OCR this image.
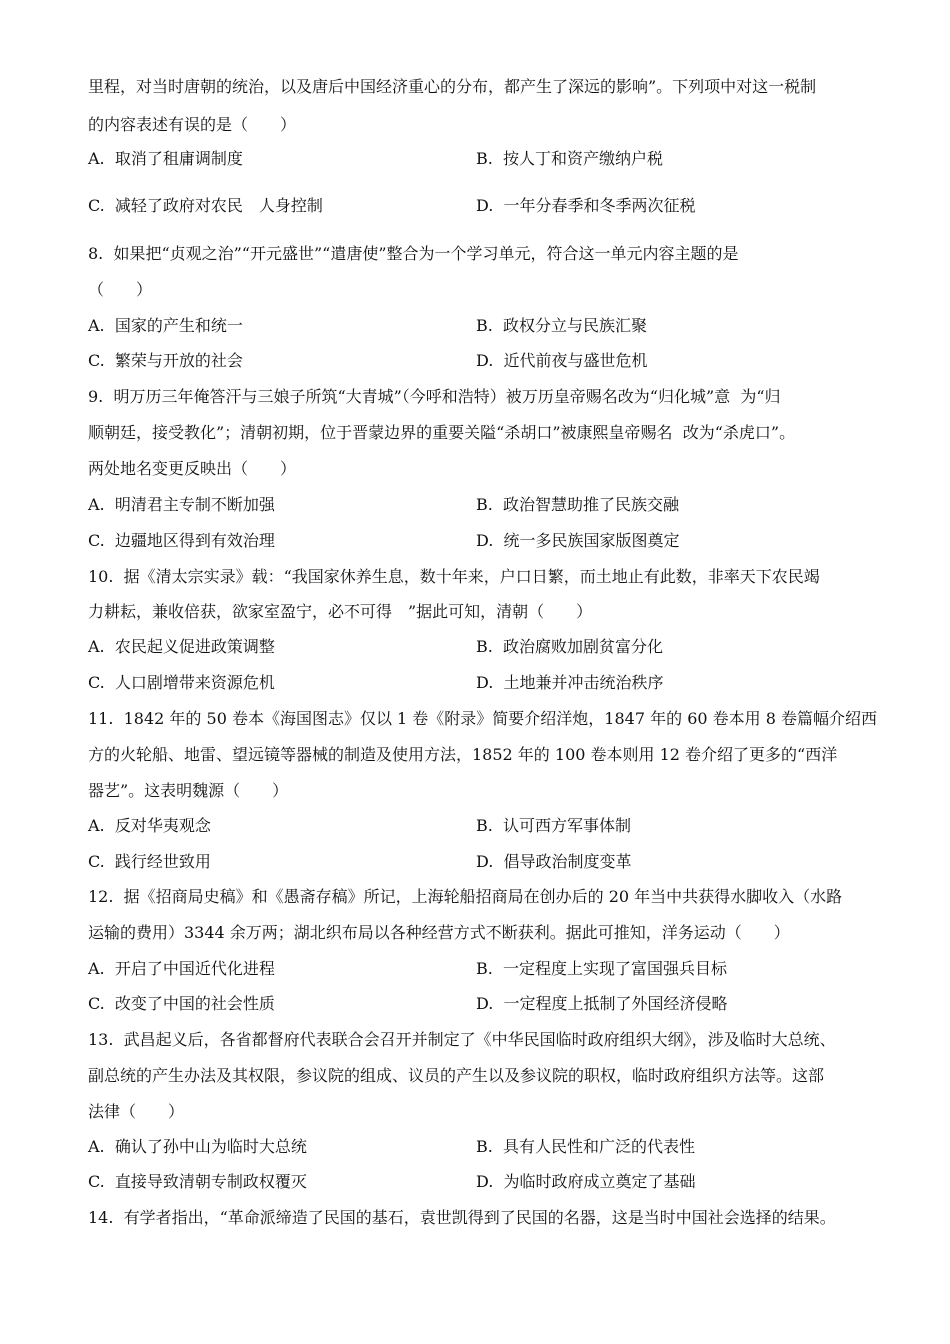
里程，对当时唐朝的统治，以及唐后中国经济重心的分布，都产生了深远的影响”。下列项中对这一税制
的内容表述有误的是（　　）
A.  取消了租庸调制度	B.  按人丁和资产缴纳户税
C.  减轻了政府对农民　人身控制	D.  一年分春季和冬季两次征税
8.  如果把“贞观之治”“开元盛世”“遣唐使”整合为一个学习单元，符合这一单元内容主题的是
（　　）
A.  国家的产生和统一	B.  政权分立与民族汇聚
C.  繁荣与开放的社会	D.  近代前夜与盛世危机
9.  明万历三年俺答汗与三娘子所筑“大青城”（今呼和浩特）被万历皇帝赐名改为“归化城”意  为“归
顺朝廷，接受教化”；清朝初期，位于晋蒙边界的重要关隘“杀胡口”被康熙皇帝赐名  改为“杀虎口”。
两处地名变更反映出（　　）
A.  明清君主专制不断加强	B.  政治智慧助推了民族交融
C.  边疆地区得到有效治理	D.  统一多民族国家版图奠定
10.  据《清太宗实录》载：“我国家休养生息，数十年来，户口日繁，而土地止有此数，非率天下农民竭
力耕耘，兼收倍获，欲家室盈宁，必不可得　”据此可知，清朝（　　）
A.  农民起义促进政策调整	B.  政治腐败加剧贫富分化
C.  人口剧增带来资源危机	D.  土地兼并冲击统治秩序
11.  1842 年的 50 卷本《海国图志》仅以 1 卷《附录》简要介绍洋炮，1847 年的 60 卷本用 8 卷篇幅介绍西
方的火轮船、地雷、望远镜等器械的制造及使用方法，1852 年的 100 卷本则用 12 卷介绍了更多的“西洋
器艺”。这表明魏源（　　）
A.  反对华夷观念	B.  认可西方军事体制
C.  践行经世致用	D.  倡导政治制度变革
12.  据《招商局史稿》和《愚斋存稿》所记，上海轮船招商局在创办后的 20 年当中共获得水脚收入（水路
运输的费用）3344 余万两；湖北织布局以各种经营方式不断获利。据此可推知，洋务运动（　　）
A.  开启了中国近代化进程	B.  一定程度上实现了富国强兵目标
C.  改变了中国的社会性质	D.  一定程度上抵制了外国经济侵略
13.  武昌起义后，各省都督府代表联合会召开并制定了《中华民国临时政府组织大纲》，涉及临时大总统、
副总统的产生办法及其权限，参议院的组成、议员的产生以及参议院的职权，临时政府组织方法等。这部
法律（　　）
A.  确认了孙中山为临时大总统	B.  具有人民性和广泛的代表性
C.  直接导致清朝专制政权覆灭	D.  为临时政府成立奠定了基础
14.  有学者指出，“革命派缔造了民国的基石，袁世凯得到了民国的名器，这是当时中国社会选择的结果。
